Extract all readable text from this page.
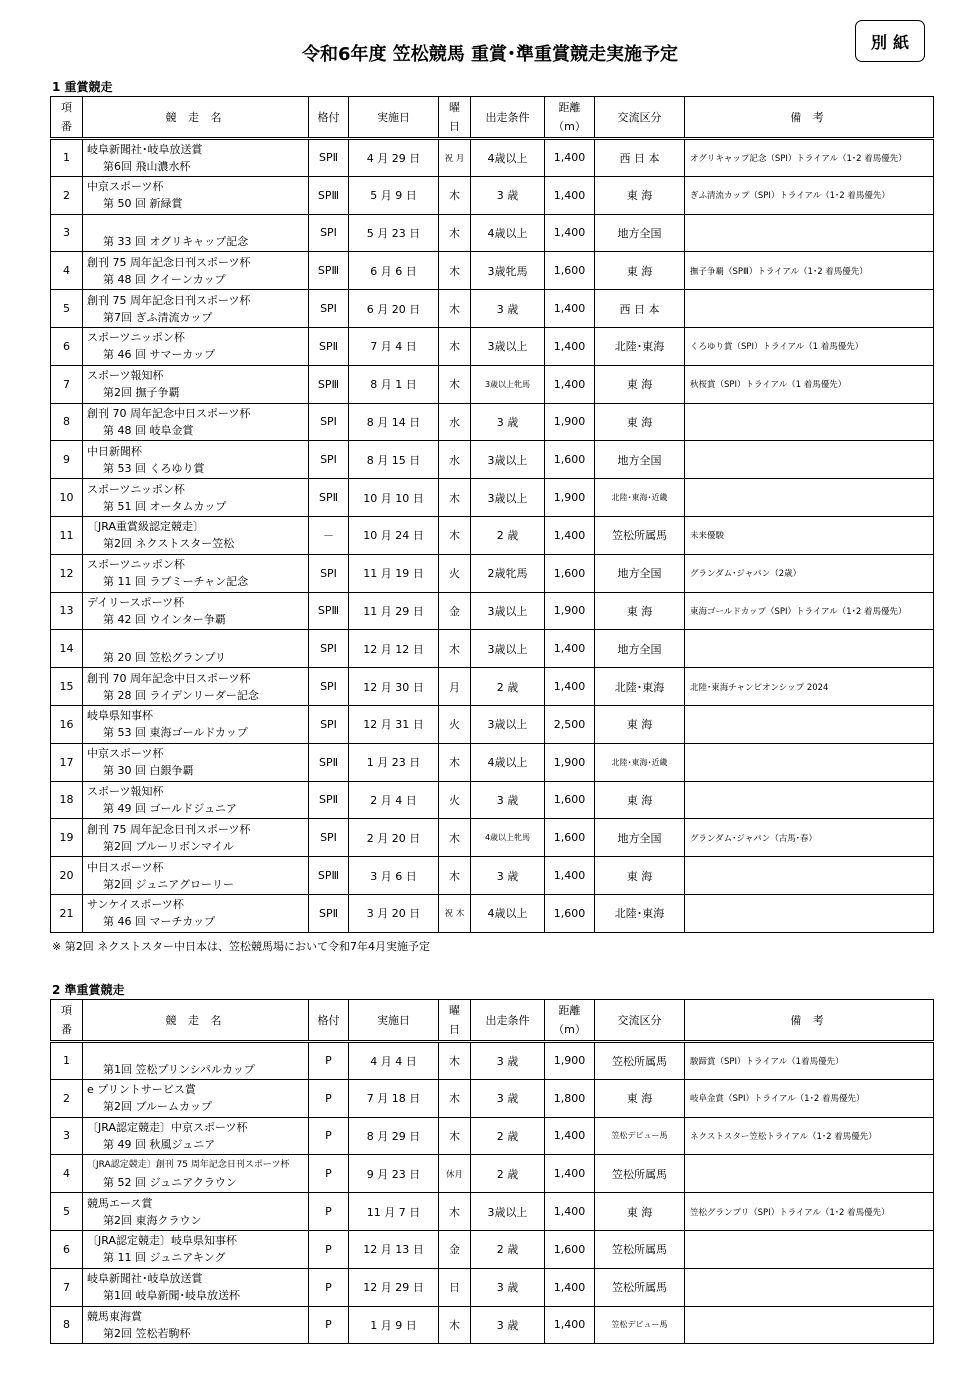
別紙
令和6年度 笠松競馬 重賞･準重賞競走実施予定
1 重賞競走
項
番	競 走 名	格付	実施日	曜
日	出走条件	距離
（m）	交流区分	備 考
1	岐阜新聞社･岐阜放送賞
第6回 飛山濃水杯	SPⅡ	4 月 29 日	祝 月	4歳以上	1,400	西 日 本	オグリキャップ記念（SPⅠ）トライアル（1･2 着馬優先）
2	中京スポーツ杯
第 50 回 新緑賞	SPⅢ	5 月 9 日	木	3 歳	1,400	東 海	ぎふ清流カップ（SPⅠ）トライアル（1･2 着馬優先）
3	第 33 回 オグリキャップ記念	SPⅠ	5 月 23 日	木	4歳以上	1,400	地方全国	
4	創刊 75 周年記念日刊スポーツ杯
第 48 回 クイーンカップ	SPⅢ	6 月 6 日	木	3歳牝馬	1,600	東 海	撫子争覇（SPⅢ）トライアル（1･2 着馬優先）
5	創刊 75 周年記念日刊スポーツ杯
第7回 ぎふ清流カップ	SPⅠ	6 月 20 日	木	3 歳	1,400	西 日 本	
6	スポーツニッポン杯
第 46 回 サマーカップ	SPⅡ	7 月 4 日	木	3歳以上	1,400	北陸･東海	くろゆり賞（SPⅠ）トライアル（1 着馬優先）
7	スポーツ報知杯
第2回 撫子争覇	SPⅢ	8 月 1 日	木	3歳以上牝馬	1,400	東 海	秋桜賞（SPⅠ）トライアル（1 着馬優先）
8	創刊 70 周年記念中日スポーツ杯
第 48 回 岐阜金賞	SPⅠ	8 月 14 日	水	3 歳	1,900	東 海	
9	中日新聞杯
第 53 回 くろゆり賞	SPⅠ	8 月 15 日	水	3歳以上	1,600	地方全国	
10	スポーツニッポン杯
第 51 回 オータムカップ	SPⅡ	10 月 10 日	木	3歳以上	1,900	北陸･東海･近畿	
11	〔JRA重賞級認定競走〕
第2回 ネクストスター笠松	－	10 月 24 日	木	2 歳	1,400	笠松所属馬	未来優駿
12	スポーツニッポン杯
第 11 回 ラブミーチャン記念	SPⅠ	11 月 19 日	火	2歳牝馬	1,600	地方全国	グランダム･ジャパン（2歳）
13	デイリースポーツ杯
第 42 回 ウインター争覇	SPⅢ	11 月 29 日	金	3歳以上	1,900	東 海	東海ゴールドカップ（SPⅠ）トライアル（1･2 着馬優先）
14	第 20 回 笠松グランプリ	SPⅠ	12 月 12 日	木	3歳以上	1,400	地方全国	
15	創刊 70 周年記念中日スポーツ杯
第 28 回 ライデンリーダー記念	SPⅠ	12 月 30 日	月	2 歳	1,400	北陸･東海	北陸･東海チャンピオンシップ 2024
16	岐阜県知事杯
第 53 回 東海ゴールドカップ	SPⅠ	12 月 31 日	火	3歳以上	2,500	東 海	
17	中京スポーツ杯
第 30 回 白銀争覇	SPⅡ	1 月 23 日	木	4歳以上	1,900	北陸･東海･近畿	
18	スポーツ報知杯
第 49 回 ゴールドジュニア	SPⅡ	2 月 4 日	火	3 歳	1,600	東 海	
19	創刊 75 周年記念日刊スポーツ杯
第2回 ブルーリボンマイル	SPⅠ	2 月 20 日	木	4歳以上牝馬	1,600	地方全国	グランダム･ジャパン（古馬･春）
20	中日スポーツ杯
第2回 ジュニアグローリー	SPⅢ	3 月 6 日	木	3 歳	1,400	東 海	
21	サンケイスポーツ杯
第 46 回 マーチカップ	SPⅡ	3 月 20 日	祝 木	4歳以上	1,600	北陸･東海	
※ 第2回 ネクストスター中日本は、笠松競馬場において令和7年4月実施予定
2 準重賞競走
項
番	競 走 名	格付	実施日	曜
日	出走条件	距離
（m）	交流区分	備 考
1	第1回 笠松プリンシパルカップ	P	4 月 4 日	木	3 歳	1,900	笠松所属馬	駿蹄賞（SPⅠ）トライアル（1着馬優先）
2	e プリントサービス賞
第2回 ブルームカップ	P	7 月 18 日	木	3 歳	1,800	東 海	岐阜金賞（SPⅠ）トライアル（1･2 着馬優先）
3	〔JRA認定競走〕中京スポーツ杯
第 49 回 秋風ジュニア	P	8 月 29 日	木	2 歳	1,400	笠松デビュー馬	ネクストスター笠松トライアル（1･2 着馬優先）
4	〔JRA認定競走〕創刊 75 周年記念日刊スポーツ杯
第 52 回 ジュニアクラウン	P	9 月 23 日	休月	2 歳	1,400	笠松所属馬	
5	競馬エース賞
第2回 東海クラウン	P	11 月 7 日	木	3歳以上	1,400	東 海	笠松グランプリ（SPⅠ）トライアル（1･2 着馬優先）
6	〔JRA認定競走〕岐阜県知事杯
第 11 回 ジュニアキング	P	12 月 13 日	金	2 歳	1,600	笠松所属馬	
7	岐阜新聞社･岐阜放送賞
第1回 岐阜新聞･岐阜放送杯	P	12 月 29 日	日	3 歳	1,400	笠松所属馬	
8	競馬東海賞
第2回 笠松若駒杯	P	1 月 9 日	木	3 歳	1,400	笠松デビュー馬	
